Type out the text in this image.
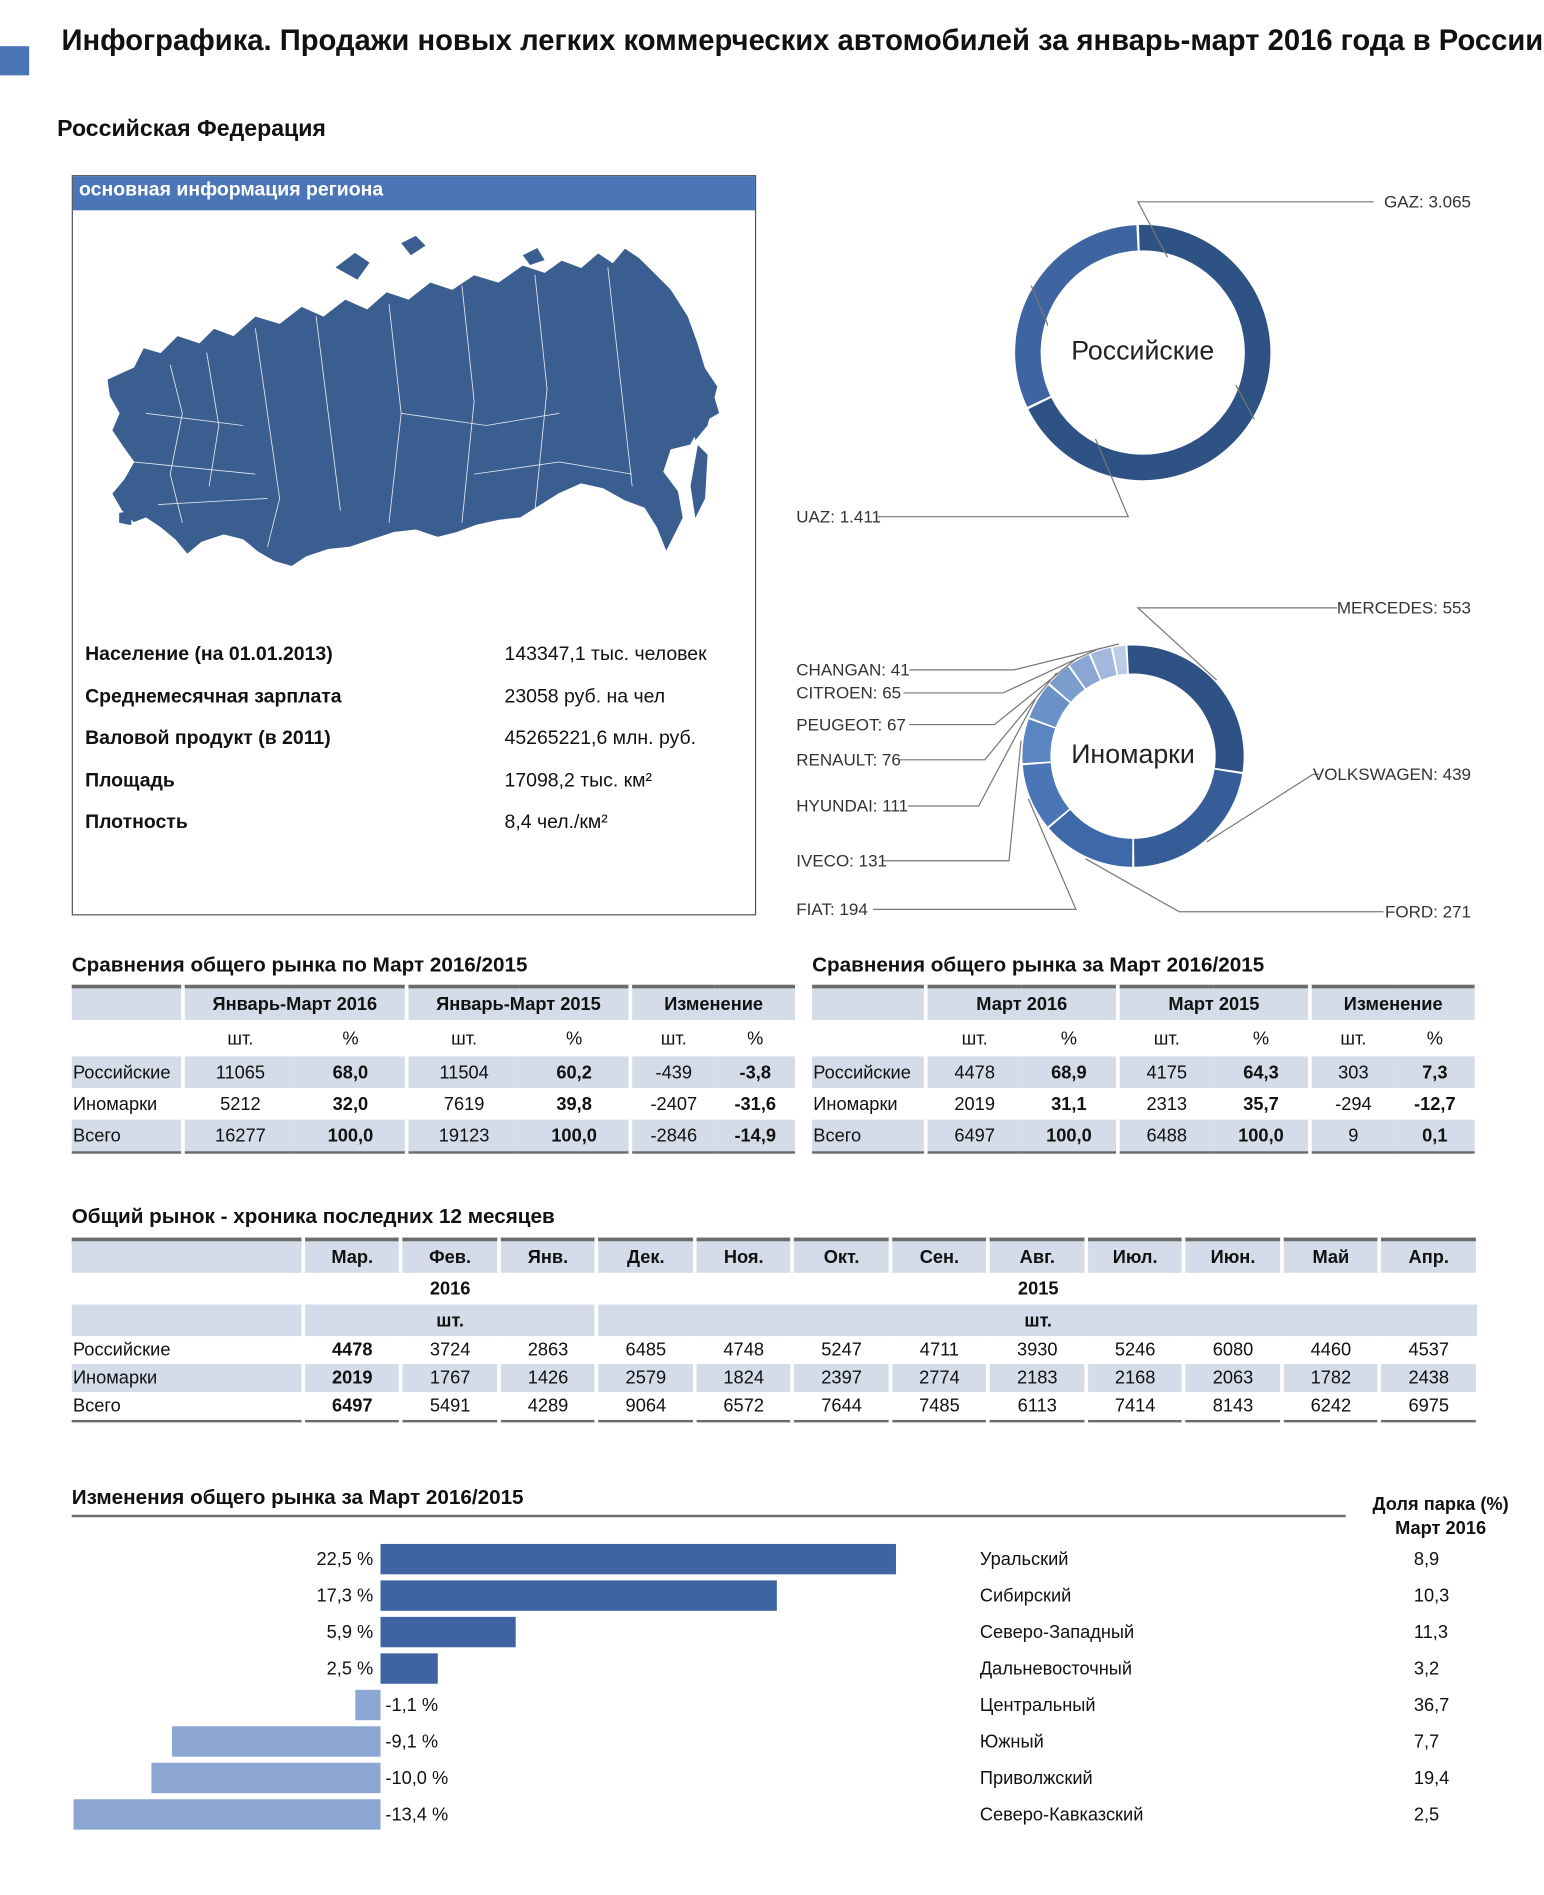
Инфографика. Продажи новых легких коммерческих автомобилей за январь-март 2016 года в России
Российская Федерация
основная информация региона
Население (на 01.01.2013)	143347,1 тыс. человек
Среднемесячная зарплата	23058 руб. на чел
Валовой продукт (в 2011)	45265221,6 млн. руб.
Площадь	17098,2 тыс. км²
Плотность	8,4 чел./км²
GAZ: 3.065
UAZ: 1.411
Российские
MERCEDES: 553
VOLKSWAGEN: 439
FORD: 271
FIAT: 194
IVECO: 131
HYUNDAI: 111
RENAULT: 76
PEUGEOT: 67
CITROEN: 65
CHANGAN: 41
Иномарки
Сравнения общего рынка по Март 2016/2015
	Январь-Март 2016		Январь-Март 2015		Изменение	
	шт.	%	шт.	%	шт.	%
Российские	11065	68,0	11504	60,2	-439	-3,8
Иномарки	5212	32,0	7619	39,8	-2407	-31,6
Всего	16277	100,0	19123	100,0	-2846	-14,9
Сравнения общего рынка за Март 2016/2015
	Март 2016		Март 2015		Изменение	
	шт.	%	шт.	%	шт.	%
Российские	4478	68,9	4175	64,3	303	7,3
Иномарки	2019	31,1	2313	35,7	-294	-12,7
Всего	6497	100,0	6488	100,0	9	0,1
Общий рынок - хроника последних 12 месяцев
	Мар.	Фев.	Янв.	Дек.	Ноя.	Окт.	Сен.	Авг.	Июл.	Июн.	Май	Апр.
	2016			2015								
	шт.			шт.								
Российские	4478	3724	2863	6485	4748	5247	4711	3930	5246	6080	4460	4537
Иномарки	2019	1767	1426	2579	1824	2397	2774	2183	2168	2063	1782	2438
Всего	6497	5491	4289	9064	6572	7644	7485	6113	7414	8143	6242	6975
Изменения общего рынка за Март 2016/2015	Доля парка (%)
Март 2016
22,5 %	Уральский	8,9
17,3 %	Сибирский	10,3
5,9 %	Северо-Западный	11,3
2,5 %	Дальневосточный	3,2
-1,1 %	Центральный	36,7
-9,1 %	Южный	7,7
-10,0 %	Приволжский	19,4
-13,4 %	Северо-Кавказский	2,5
